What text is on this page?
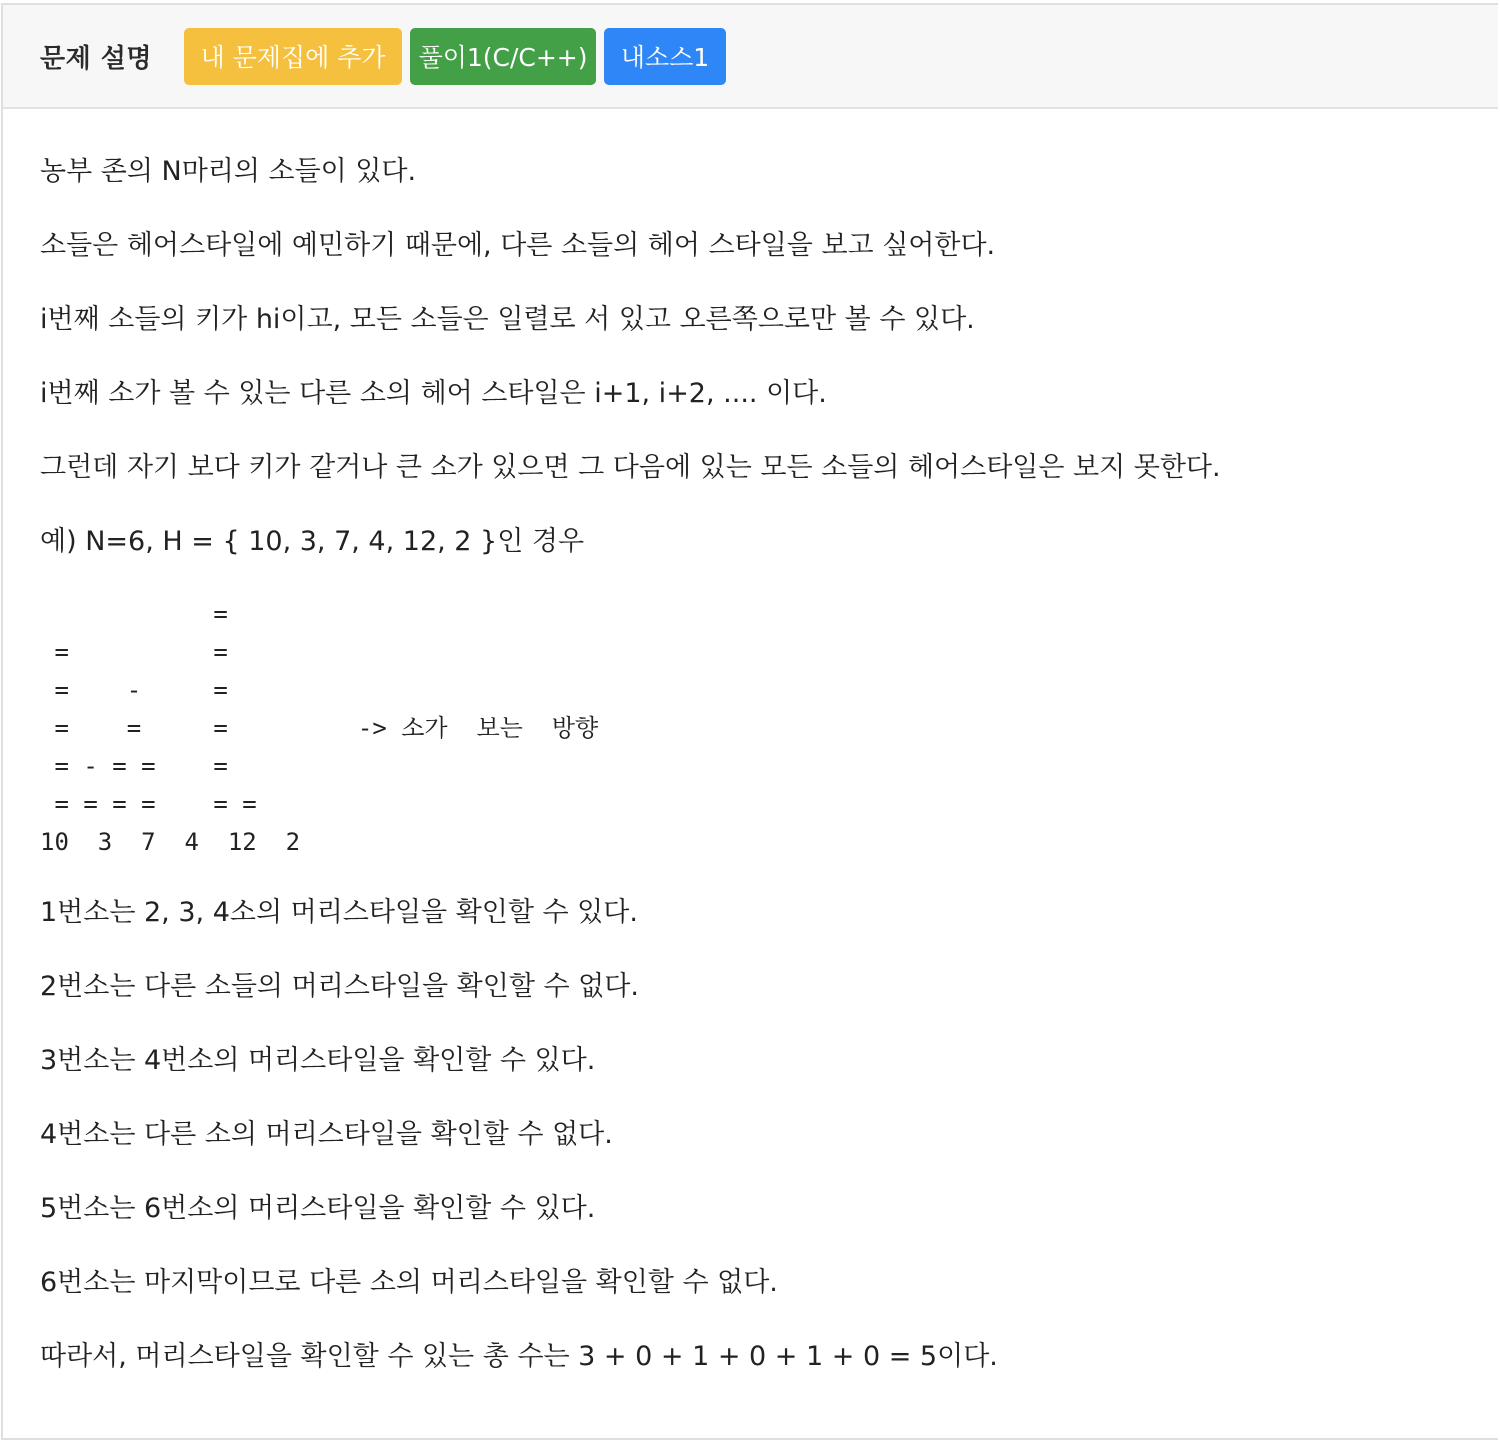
문제 설명	내 문제집에 추가	풀이1(C/C++)	내소스1
농부 존의 N마리의 소들이 있다.
소들은 헤어스타일에 예민하기 때문에, 다른 소들의 헤어 스타일을 보고 싶어한다.
i번째 소들의 키가 hi이고, 모든 소들은 일렬로 서 있고 오른쪽으로만 볼 수 있다.
i번째 소가 볼 수 있는 다른 소의 헤어 스타일은 i+1, i+2, .... 이다.
그런데 자기 보다 키가 같거나 큰 소가 있으면 그 다음에 있는 모든 소들의 헤어스타일은 보지 못한다.
예) N=6, H = { 10, 3, 7, 4, 12, 2 }인 경우
=
=          =
=    -     =
=    =     =         -> 소가  보는  방향
= - = =    =
= = = =    = =
10  3  7  4  12  2
1번소는 2, 3, 4소의 머리스타일을 확인할 수 있다.
2번소는 다른 소들의 머리스타일을 확인할 수 없다.
3번소는 4번소의 머리스타일을 확인할 수 있다.
4번소는 다른 소의 머리스타일을 확인할 수 없다.
5번소는 6번소의 머리스타일을 확인할 수 있다.
6번소는 마지막이므로 다른 소의 머리스타일을 확인할 수 없다.
따라서, 머리스타일을 확인할 수 있는 총 수는 3 + 0 + 1 + 0 + 1 + 0 = 5이다.
